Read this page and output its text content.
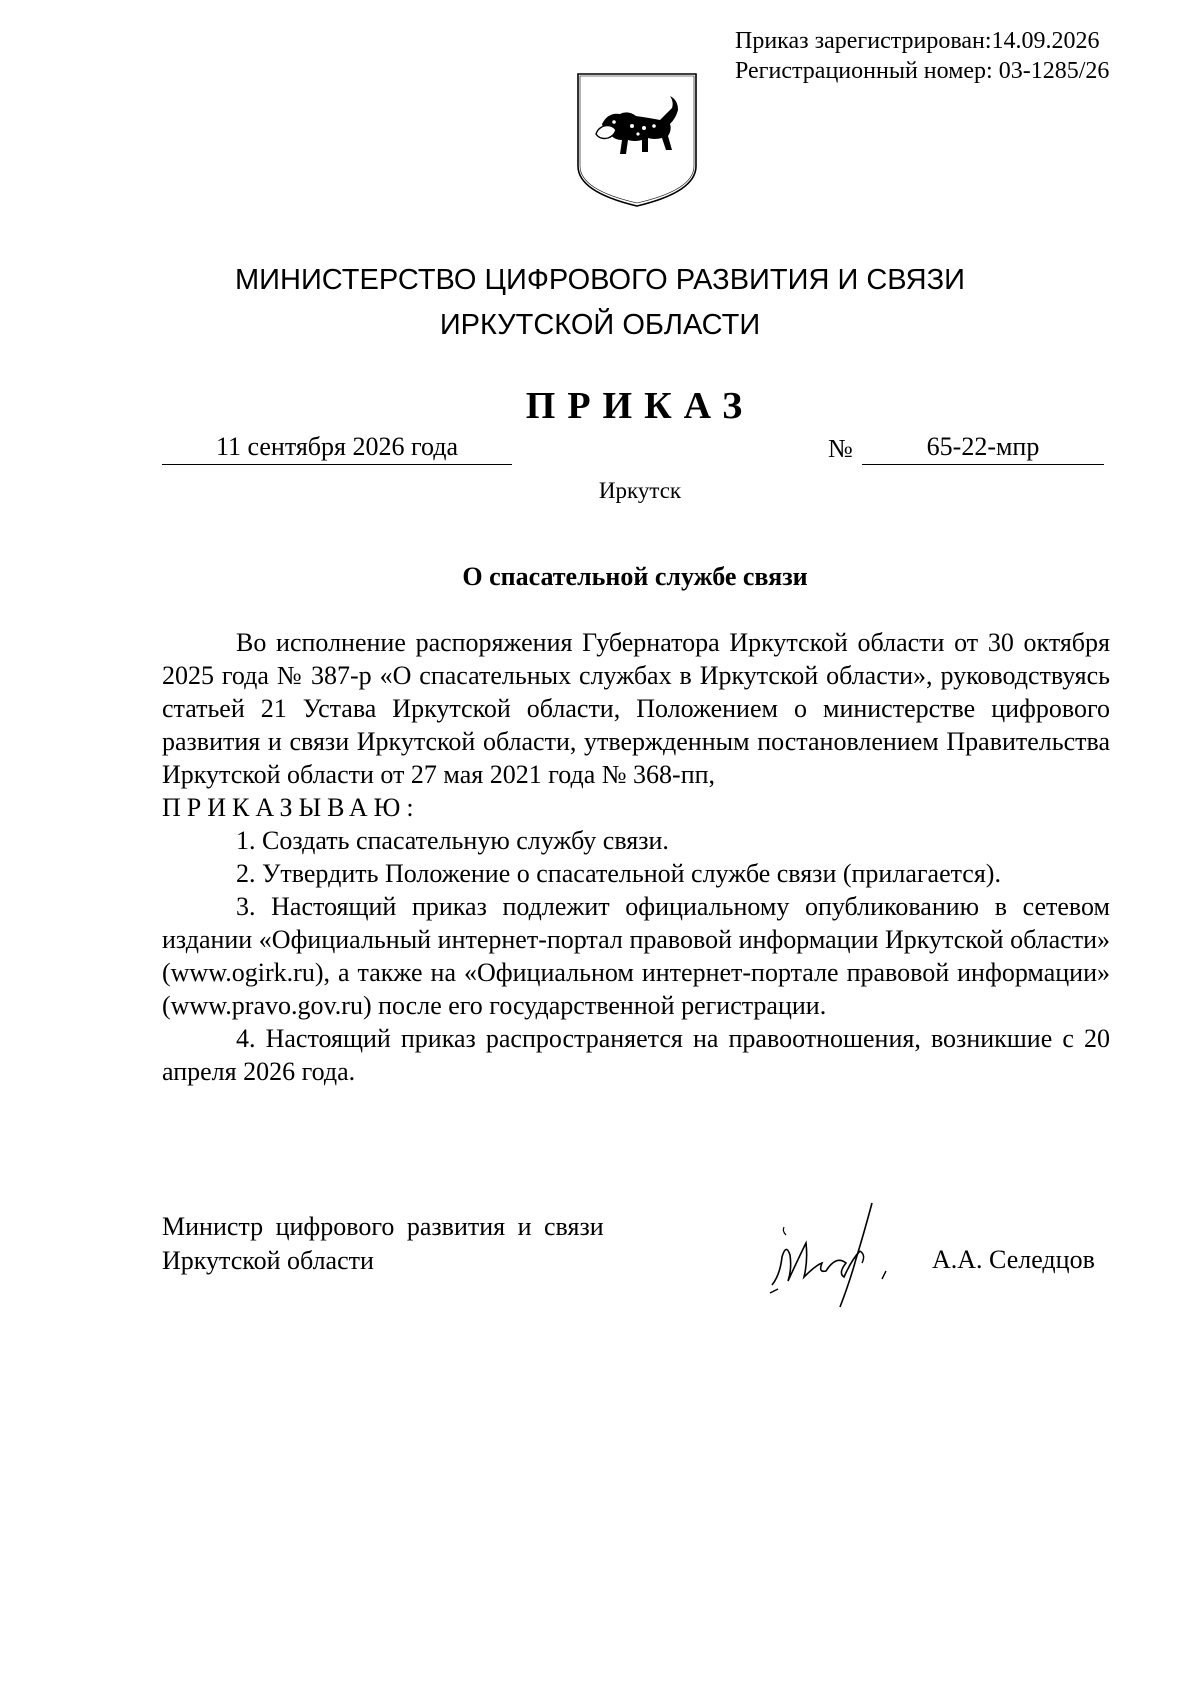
Приказ зарегистрирован:14.09.2026
Регистрационный номер: 03-1285/26
МИНИСТЕРСТВО ЦИФРОВОГО РАЗВИТИЯ И СВЯЗИ
ИРКУТСКОЙ ОБЛАСТИ
ПРИКАЗ
11 сентября 2026 года	№	65-22-мпр
Иркутск
О спасательной службе связи

Во исполнение распоряжения Губернатора Иркутской области от 30 октября 2025 года № 387-р «О спасательных службах в Иркутской области», руководствуясь статьей 21 Устава Иркутской области, Положением о министерстве цифрового развития и связи Иркутской области, утвержденным постановлением Правительства Иркутской области от 27 мая 2021 года № 368-пп,

ПРИКАЗЫВАЮ:

1. Создать спасательную службу связи.

2. Утвердить Положение о спасательной службе связи (прилагается).

3. Настоящий приказ подлежит официальному опубликованию в сетевом издании «Официальный интернет-портал правовой информации Иркутской области» (www.ogirk.ru), а также на «Официальном интернет-портале правовой информации» (www.pravo.gov.ru) после его государственной регистрации.

4. Настоящий приказ распространяется на правоотношения, возникшие с 20 апреля 2026 года.

Министр цифрового развития и связи
Иркутской области	А.А. Селедцов
